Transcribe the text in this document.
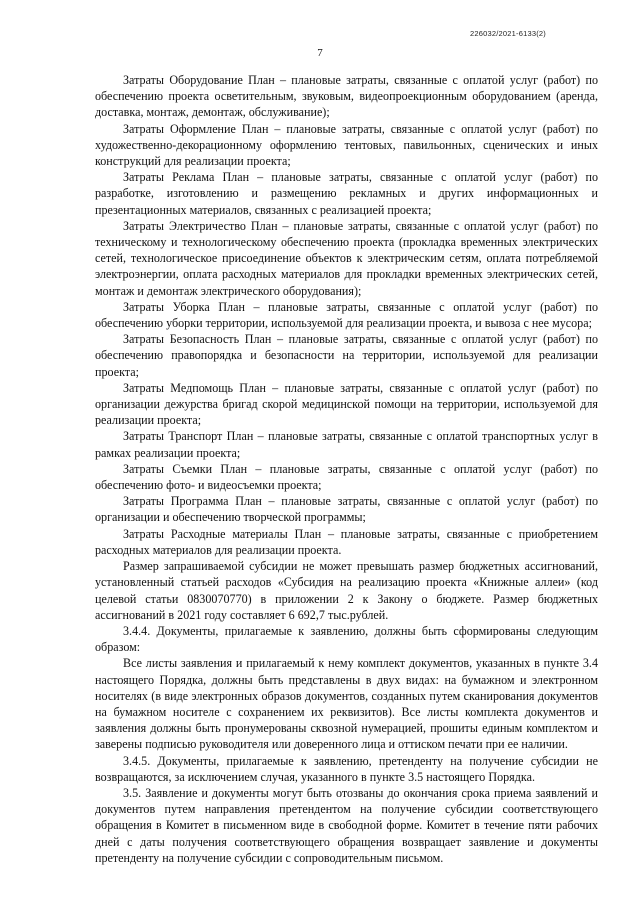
226032/2021-6133(2)
7

Затраты Оборудование План – плановые затраты, связанные с оплатой услуг (работ) по обеспечению проекта осветительным, звуковым, видеопроекционным оборудованием (аренда, доставка, монтаж, демонтаж, обслуживание);

Затраты Оформление План – плановые затраты, связанные с оплатой услуг (работ) по художественно-декорационному оформлению тентовых, павильонных, сценических и иных конструкций для реализации проекта;

Затраты Реклама План – плановые затраты, связанные с оплатой услуг (работ) по разработке, изготовлению и размещению рекламных и других информационных и презентационных материалов, связанных с реализацией проекта;

Затраты Электричество План – плановые затраты, связанные с оплатой услуг (работ) по техническому и технологическому обеспечению проекта (прокладка временных электрических сетей, технологическое присоединение объектов к электрическим сетям, оплата потребляемой электроэнергии, оплата расходных материалов для прокладки временных электрических сетей, монтаж и демонтаж электрического оборудования);

Затраты Уборка План – плановые затраты, связанные с оплатой услуг (работ) по обеспечению уборки территории, используемой для реализации проекта, и вывоза с нее мусора;

Затраты Безопасность План – плановые затраты, связанные с оплатой услуг (работ) по обеспечению правопорядка и безопасности на территории, используемой для реализации проекта;

Затраты Медпомощь План – плановые затраты, связанные с оплатой услуг (работ) по организации дежурства бригад скорой медицинской помощи на территории, используемой для реализации проекта;

Затраты Транспорт План – плановые затраты, связанные с оплатой транспортных услуг в рамках реализации проекта;

Затраты Съемки План – плановые затраты, связанные с оплатой услуг (работ) по обеспечению фото- и видеосъемки проекта;

Затраты Программа План – плановые затраты, связанные с оплатой услуг (работ) по организации и обеспечению творческой программы;

Затраты Расходные материалы План – плановые затраты, связанные с приобретением расходных материалов для реализации проекта.

Размер запрашиваемой субсидии не может превышать размер бюджетных ассигнований, установленный статьей расходов «Субсидия на реализацию проекта «Книжные аллеи» (код целевой статьи 0830070770) в приложении 2 к Закону о бюджете. Размер бюджетных ассигнований в 2021 году составляет 6 692,7 тыс.рублей.

3.4.4. Документы, прилагаемые к заявлению, должны быть сформированы следующим образом:

Все листы заявления и прилагаемый к нему комплект документов, указанных в пункте 3.4 настоящего Порядка, должны быть представлены в двух видах: на бумажном и электронном носителях (в виде электронных образов документов, созданных путем сканирования документов на бумажном носителе с сохранением их реквизитов). Все листы комплекта документов и заявления должны быть пронумерованы сквозной нумерацией, прошиты единым комплектом и заверены подписью руководителя или доверенного лица и оттиском печати при ее наличии.

3.4.5. Документы, прилагаемые к заявлению, претенденту на получение субсидии не возвращаются, за исключением случая, указанного в пункте 3.5 настоящего Порядка.

3.5. Заявление и документы могут быть отозваны до окончания срока приема заявлений и документов путем направления претендентом на получение субсидии соответствующего обращения в Комитет в письменном виде в свободной форме. Комитет в течение пяти рабочих дней с даты получения соответствующего обращения возвращает заявление и документы претенденту на получение субсидии с сопроводительным письмом.
